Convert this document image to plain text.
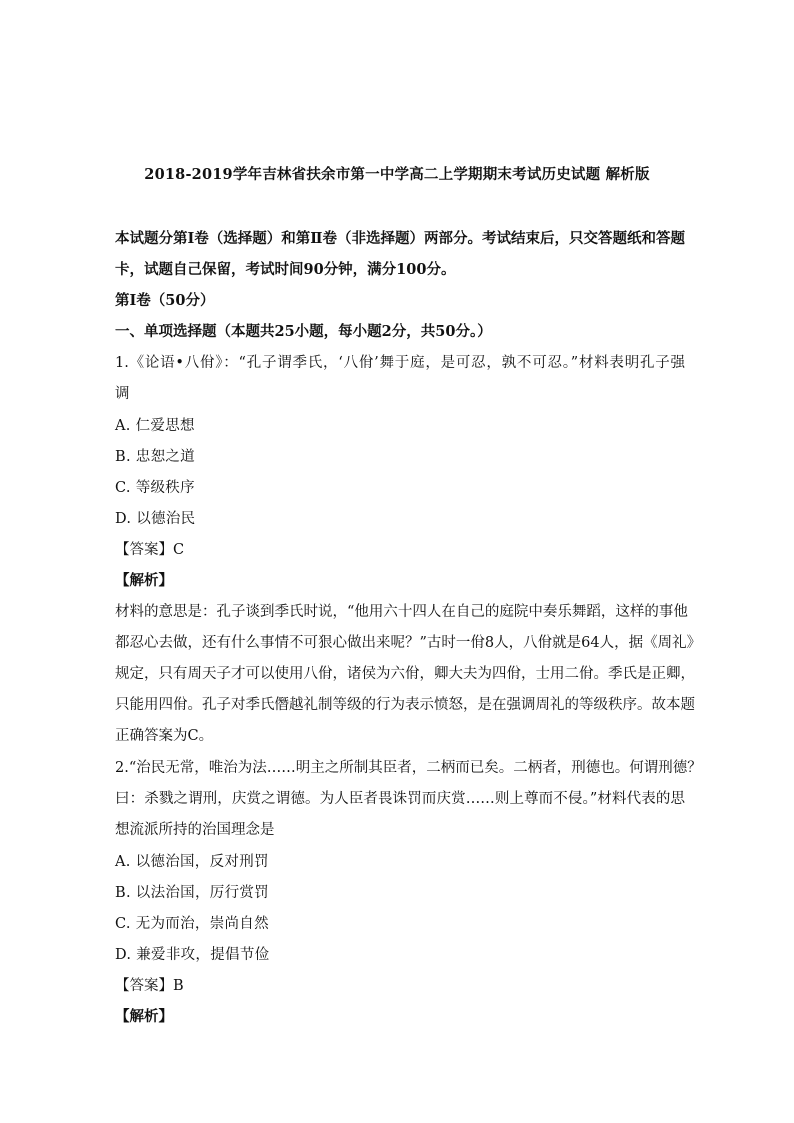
2018-2019学年吉林省扶余市第一中学高二上学期期末考试历史试题 解析版
本试题分第Ⅰ卷（选择题）和第Ⅱ卷（非选择题）两部分。考试结束后，只交答题纸和答题
卡，试题自己保留，考试时间90分钟，满分100分。
第Ⅰ卷（50分）
一、单项选择题（本题共25小题，每小题2分，共50分。）
1.《论语•八佾》：“孔子谓季氏，‘八佾’舞于庭，是可忍，孰不可忍。”材料表明孔子强
调
A. 仁爱思想
B. 忠恕之道
C. 等级秩序
D. 以德治民
【答案】C
【解析】
材料的意思是：孔子谈到季氏时说，“他用六十四人在自己的庭院中奏乐舞蹈，这样的事他
都忍心去做，还有什么事情不可狠心做出来呢？”古时一佾8人，八佾就是64人，据《周礼》
规定，只有周天子才可以使用八佾，诸侯为六佾，卿大夫为四佾，士用二佾。季氏是正卿，
只能用四佾。孔子对季氏僭越礼制等级的行为表示愤怒，是在强调周礼的等级秩序。故本题
正确答案为C。
2.“治民无常，唯治为法……明主之所制其臣者，二柄而已矣。二柄者，刑德也。何谓刑德？
曰：杀戮之谓刑，庆赏之谓德。为人臣者畏诛罚而庆赏……则上尊而不侵。”材料代表的思
想流派所持的治国理念是
A. 以德治国，反对刑罚
B. 以法治国，厉行赏罚
C. 无为而治，崇尚自然
D. 兼爱非攻，提倡节俭
【答案】B
【解析】
